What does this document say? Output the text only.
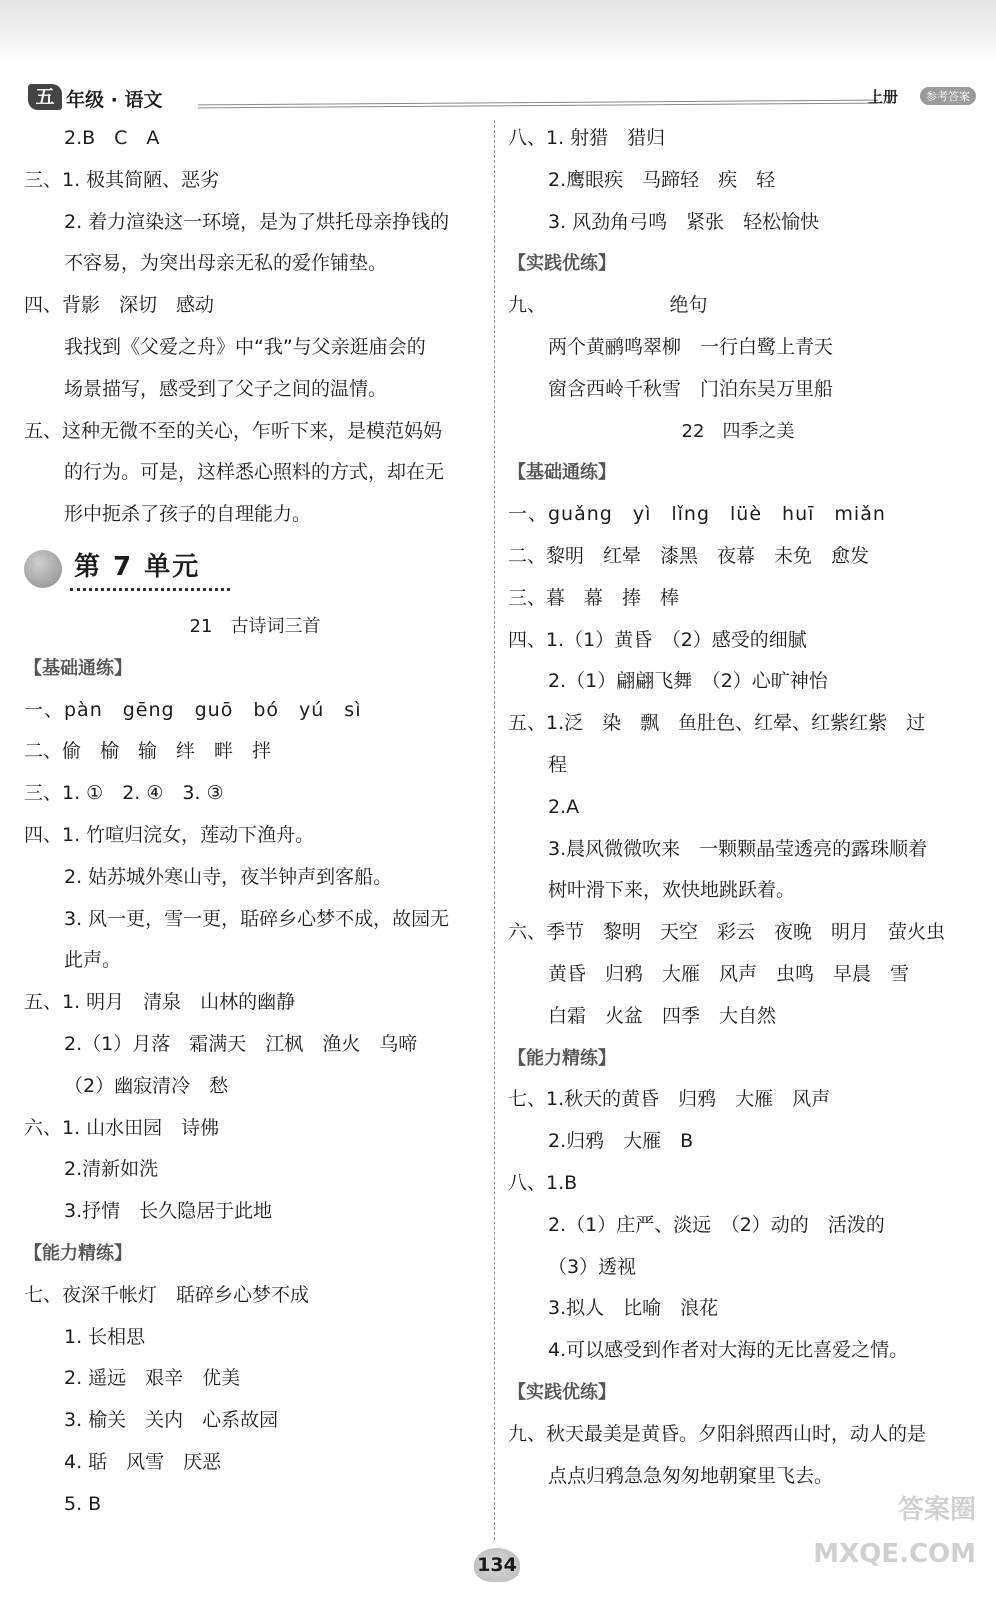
五 年级 · 语文	上册	参考答案
2.B　C　A
三、1. 极其简陋、恶劣
2. 着力渲染这一环境，是为了烘托母亲挣钱的
不容易，为突出母亲无私的爱作铺垫。
四、背影　深切　感动
我找到《父爱之舟》中“我”与父亲逛庙会的
场景描写，感受到了父子之间的温情。
五、这种无微不至的关心，乍听下来，是模范妈妈
的行为。可是，这样悉心照料的方式，却在无
形中扼杀了孩子的自理能力。
第 7 单元
21　古诗词三首
【基础通练】
一、pàn　gēng　guō　bó　yú　sì
二、偷　榆　输　绊　畔　拌
三、1. ①　2. ④　3. ③
四、1. 竹喧归浣女，莲动下渔舟。
2. 姑苏城外寒山寺，夜半钟声到客船。
3. 风一更，雪一更，聒碎乡心梦不成，故园无
此声。
五、1. 明月　清泉　山林的幽静
2.（1）月落　霜满天　江枫　渔火　乌啼
（2）幽寂清冷　愁
六、1. 山水田园　诗佛
2.清新如洗
3.抒情　长久隐居于此地
【能力精练】
七、夜深千帐灯　聒碎乡心梦不成
1. 长相思
2. 遥远　艰辛　优美
3. 榆关　关内　心系故园
4. 聒　风雪　厌恶
5. B
八、1. 射猎　猎归
2.鹰眼疾　马蹄轻　疾　轻
3. 风劲角弓鸣　紧张　轻松愉快
【实践优练】
九、　　　　　　　绝句
两个黄鹂鸣翠柳　一行白鹭上青天
窗含西岭千秋雪　门泊东吴万里船
22　四季之美
【基础通练】
一、guǎng　yì　lǐng　lüè　huī　miǎn
二、黎明　红晕　漆黑　夜幕　未免　愈发
三、暮　幕　捧　棒
四、1.（1）黄昏　（2）感受的细腻
2.（1）翩翩飞舞　（2）心旷神怡
五、1.泛　染　飘　鱼肚色、红晕、红紫红紫　过
程
2.A
3.晨风微微吹来　一颗颗晶莹透亮的露珠顺着
树叶滑下来，欢快地跳跃着。
六、季节　黎明　天空　彩云　夜晚　明月　萤火虫
黄昏　归鸦　大雁　风声　虫鸣　早晨　雪
白霜　火盆　四季　大自然
【能力精练】
七、1.秋天的黄昏　归鸦　大雁　风声
2.归鸦　大雁　B
八、1.B
2.（1）庄严、淡远　（2）动的　活泼的
（3）透视
3.拟人　比喻　浪花
4.可以感受到作者对大海的无比喜爱之情。
【实践优练】
九、秋天最美是黄昏。夕阳斜照西山时，动人的是
点点归鸦急急匆匆地朝窠里飞去。
134
答案圈 MXQE.COM
